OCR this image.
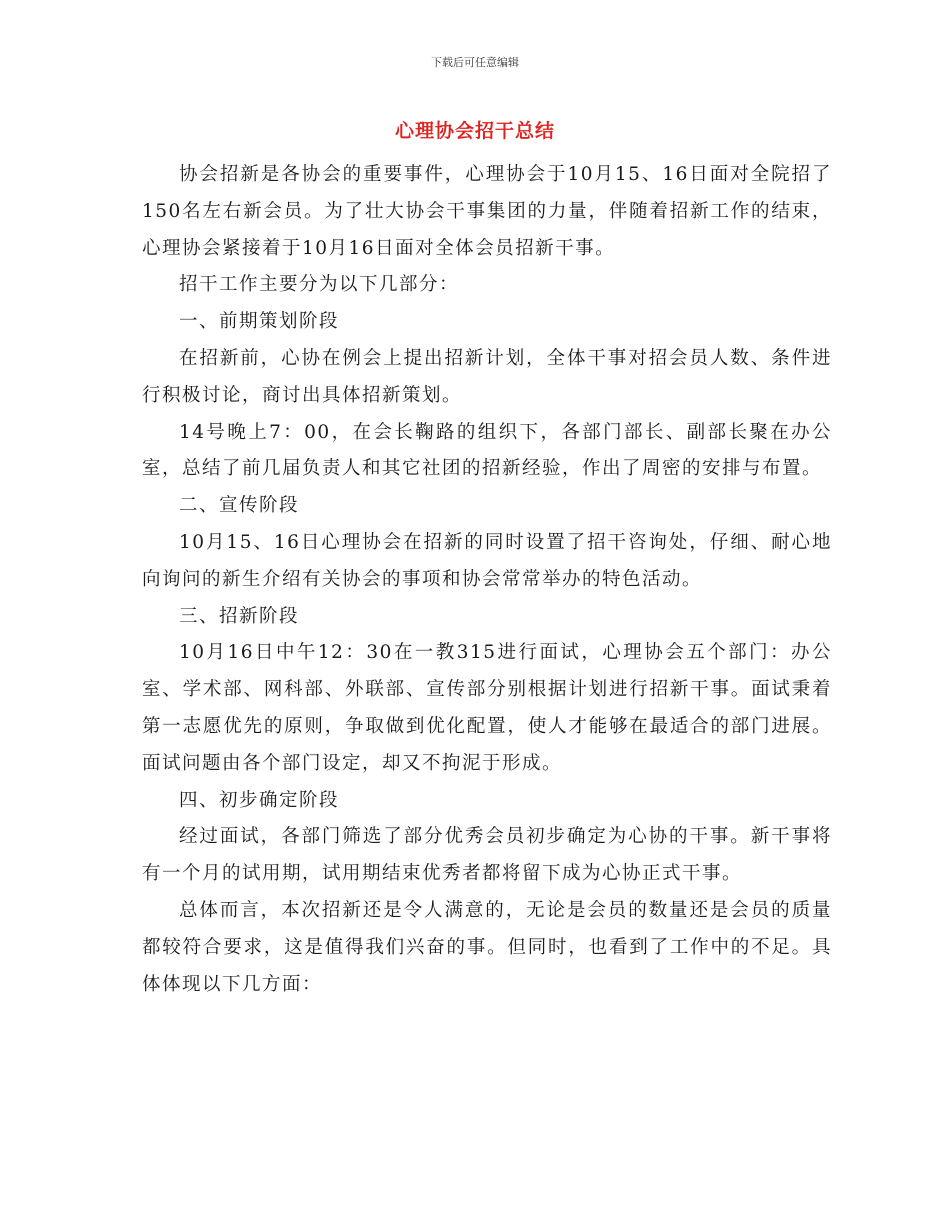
下载后可任意编辑
心理协会招干总结

协会招新是各协会的重要事件，心理协会于10月15、16日面对全院招了150名左右新会员。为了壮大协会干事集团的力量，伴随着招新工作的结束，心理协会紧接着于10月16日面对全体会员招新干事。

招干工作主要分为以下几部分：

一、前期策划阶段

在招新前，心协在例会上提出招新计划，全体干事对招会员人数、条件进行积极讨论，商讨出具体招新策划。

14号晚上7：00，在会长鞠路的组织下，各部门部长、副部长聚在办公室，总结了前几届负责人和其它社团的招新经验，作出了周密的安排与布置。

二、宣传阶段

10月15、16日心理协会在招新的同时设置了招干咨询处，仔细、耐心地向询问的新生介绍有关协会的事项和协会常常举办的特色活动。

三、招新阶段

10月16日中午12：30在一教315进行面试，心理协会五个部门：办公室、学术部、网科部、外联部、宣传部分别根据计划进行招新干事。面试秉着第一志愿优先的原则，争取做到优化配置，使人才能够在最适合的部门进展。面试问题由各个部门设定，却又不拘泥于形成。

四、初步确定阶段

经过面试，各部门筛选了部分优秀会员初步确定为心协的干事。新干事将有一个月的试用期，试用期结束优秀者都将留下成为心协正式干事。

总体而言，本次招新还是令人满意的，无论是会员的数量还是会员的质量都较符合要求，这是值得我们兴奋的事。但同时，也看到了工作中的不足。具体体现以下几方面：
